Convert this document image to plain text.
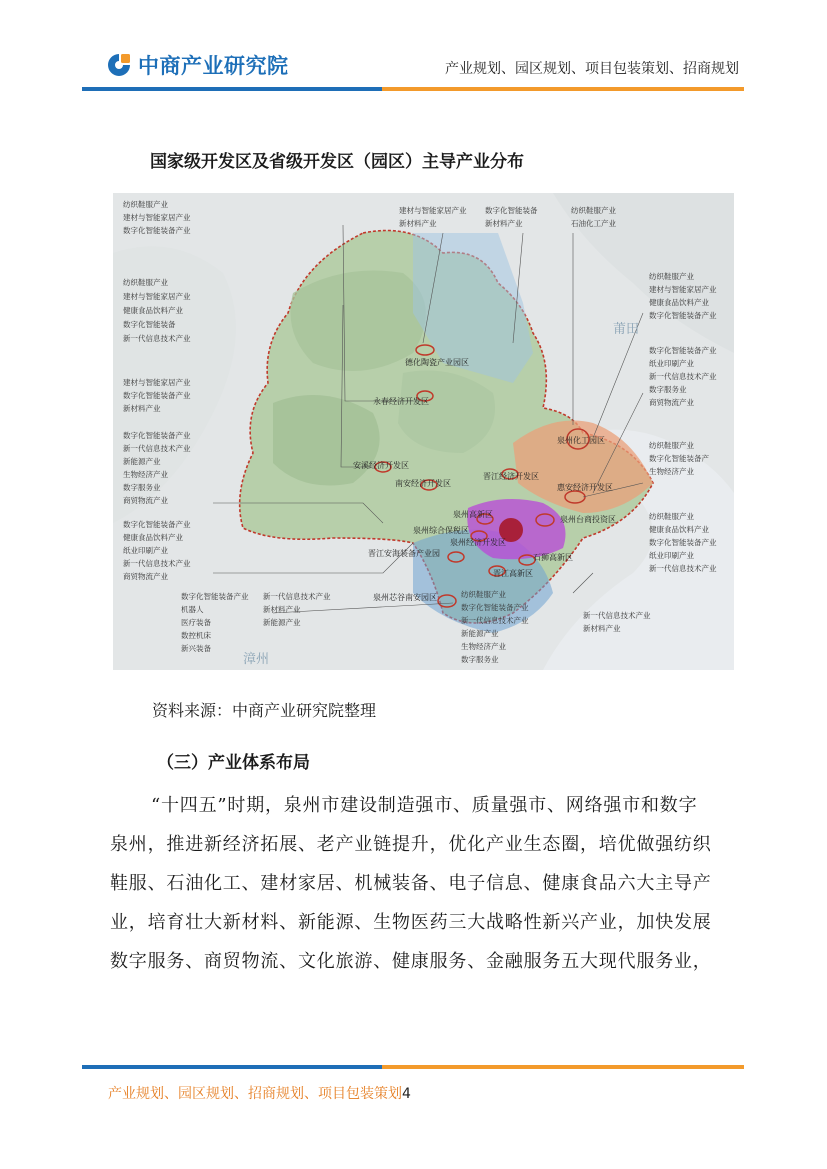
中商产业研究院	产业规划、园区规划、项目包装策划、招商规划
国家级开发区及省级开发区（园区）主导产业分布
德化陶瓷产业园区
永春经济开发区
安溪经济开发区
南安经济开发区
泉州台商投资区
泉州高新区
泉州经济开发区
泉州综合保税区
晋江经济开发区
惠安经济开发区
晋江安海装备产业园	石狮高新区
晋江高新区
泉州芯谷南安园区
泉州化工园区
莆田
漳州
纺织鞋服产业
建材与智能家居产业
数字化智能装备产业
纺织鞋服产业
建材与智能家居产业
健康食品饮料产业
数字化智能装备
新一代信息技术产业
建材与智能家居产业
数字化智能装备产业
新材料产业
数字化智能装备产业
新一代信息技术产业
新能源产业
生物经济产业
数字服务业
商贸物流产业
数字化智能装备产业
健康食品饮料产业
纸业印刷产业
新一代信息技术产业
商贸物流产业
数字化智能装备产业
机器人
医疗装备
数控机床
新兴装备
新一代信息技术产业
新材料产业
新能源产业
建材与智能家居产业
新材料产业
数字化智能装备
新材料产业
纺织鞋服产业
石油化工产业
纺织鞋服产业
建材与智能家居产业
健康食品饮料产业
数字化智能装备产业
数字化智能装备产业
纸业印刷产业
新一代信息技术产业
数字服务业
商贸物流产业
纺织鞋服产业
数字化智能装备产
生物经济产业
纺织鞋服产业
健康食品饮料产业
数字化智能装备产业
纸业印刷产业
新一代信息技术产业
纺织鞋服产业
数字化智能装备产业
新一代信息技术产业
新能源产业
生物经济产业
数字服务业
新一代信息技术产业
新材料产业
资料来源：中商产业研究院整理
（三）产业体系布局

“十四五”时期，泉州市建设制造强市、质量强市、网络强市和数字

泉州，推进新经济拓展、老产业链提升，优化产业生态圈，培优做强纺织

鞋服、石油化工、建材家居、机械装备、电子信息、健康食品六大主导产

业，培育壮大新材料、新能源、生物医药三大战略性新兴产业，加快发展

数字服务、商贸物流、文化旅游、健康服务、金融服务五大现代服务业，

产业规划、园区规划、招商规划、项目包装策划4
